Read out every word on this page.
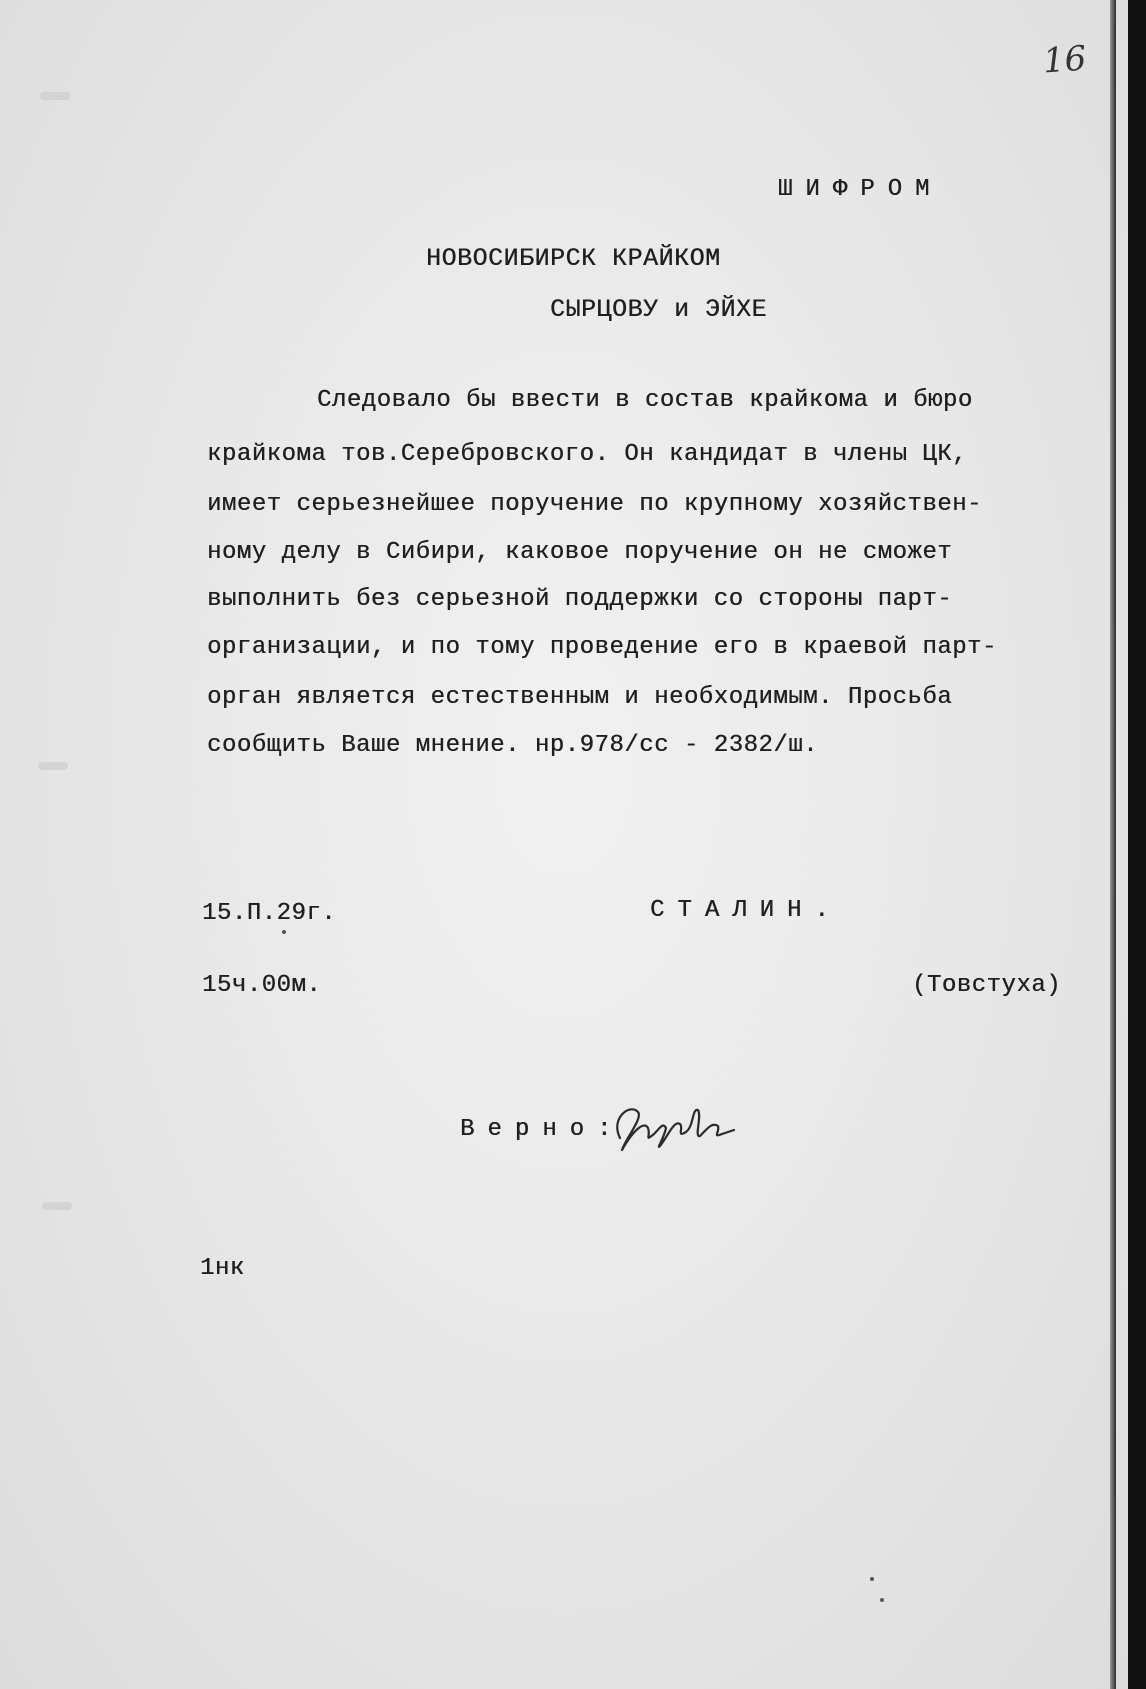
16
ШИФРОМ
НОВОСИБИРСК КРАЙКОМ
СЫРЦОВУ и ЭЙХЕ
Следовало бы ввести в состав крайкома и бюро
крайкома тов.Серебровского. Он кандидат в члены ЦК,
имеет серьезнейшее поручение по крупному хозяйствен-
ному делу в Сибири, каковое поручение он не сможет
выполнить без серьезной поддержки со стороны парт-
организации, и по тому проведение его в краевой парт-
орган является естественным и необходимым. Просьба
сообщить Ваше мнение. нр.978/сс - 2382/ш.
15.П.29г.	СТАЛИН.
15ч.00м.	(Товстуха)
Верно:
1нк
